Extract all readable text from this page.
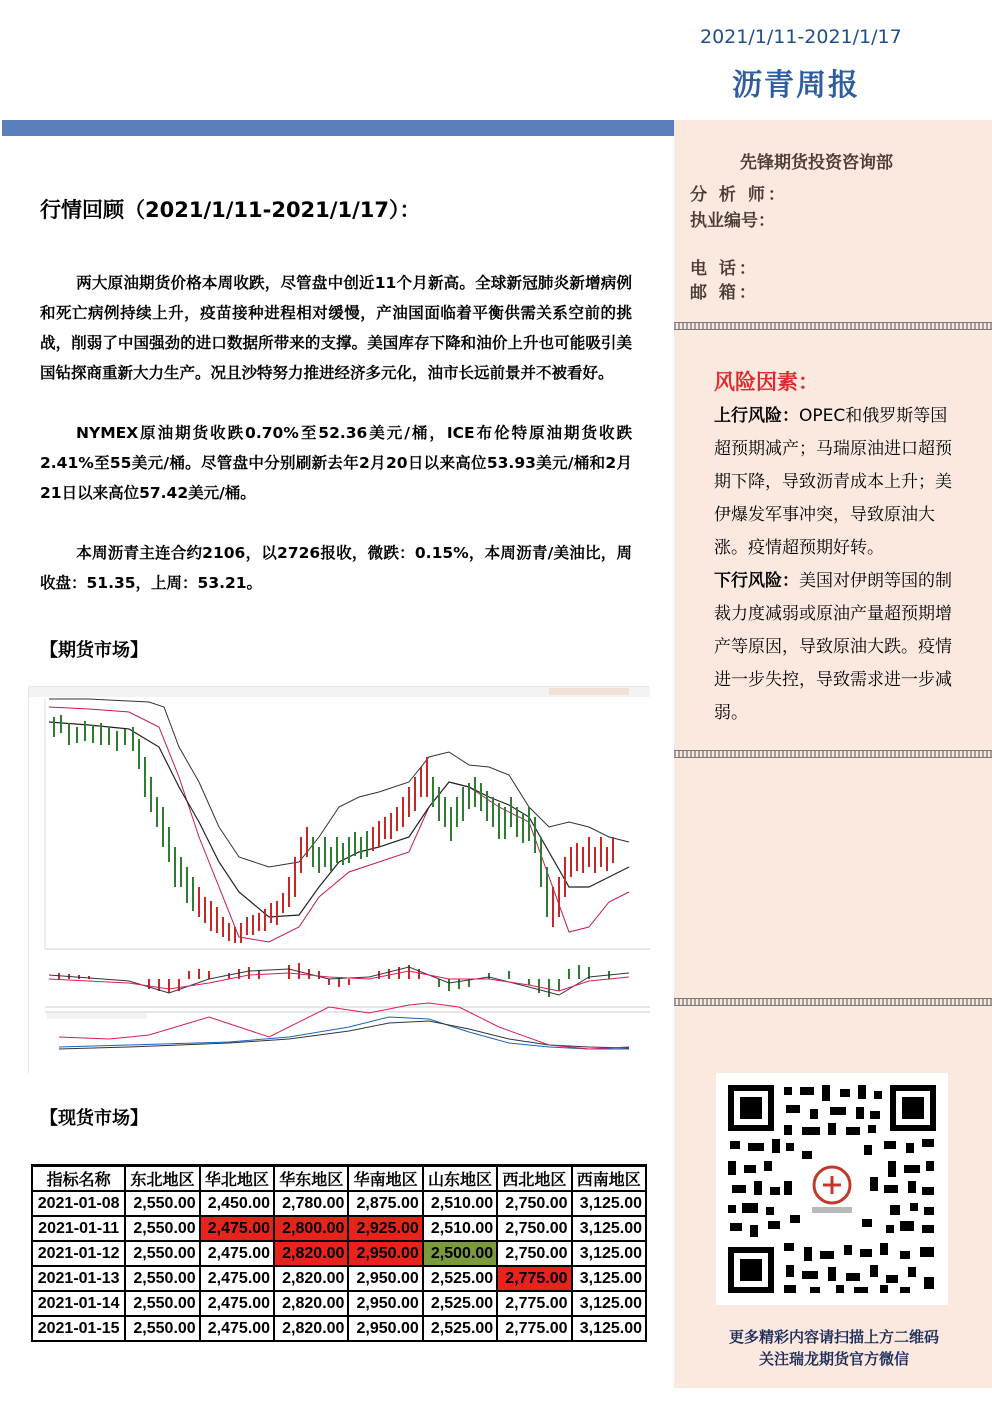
2021/1/11-2021/1/17
沥青周报
先锋期货投资咨询部
分 析 师：
执业编号：
电 话：
邮 箱：
风险因素：
上行风险：OPEC和俄罗斯等国超预期减产；马瑞原油进口超预期下降，导致沥青成本上升；美伊爆发军事冲突，导致原油大涨。疫情超预期好转。
下行风险：美国对伊朗等国的制裁力度减弱或原油产量超预期增产等原因，导致原油大跌。疫情进一步失控，导致需求进一步减弱。
更多精彩内容请扫描上方二维码
关注瑞龙期货官方微信
行情回顾（2021/1/11-2021/1/17）：
两大原油期货价格本周收跌，尽管盘中创近11个月新高。全球新冠肺炎新增病例和死亡病例持续上升，疫苗接种进程相对缓慢，产油国面临着平衡供需关系空前的挑战，削弱了中国强劲的进口数据所带来的支撑。美国库存下降和油价上升也可能吸引美国钻探商重新大力生产。况且沙特努力推进经济多元化，油市长远前景并不被看好。
NYMEX原油期货收跌0.70%至52.36美元/桶，ICE布伦特原油期货收跌2.41%至55美元/桶。尽管盘中分别刷新去年2月20日以来高位53.93美元/桶和2月21日以来高位57.42美元/桶。
本周沥青主连合约2106，以2726报收，微跌：0.15%，本周沥青/美油比，周收盘：51.35，上周：53.21。
【期货市场】
【现货市场】
指标名称	东北地区	华北地区	华东地区	华南地区	山东地区	西北地区	西南地区
2021-01-08	2,550.00	2,450.00	2,780.00	2,875.00	2,510.00	2,750.00	3,125.00
2021-01-11	2,550.00	2,475.00	2,800.00	2,925.00	2,510.00	2,750.00	3,125.00
2021-01-12	2,550.00	2,475.00	2,820.00	2,950.00	2,500.00	2,750.00	3,125.00
2021-01-13	2,550.00	2,475.00	2,820.00	2,950.00	2,525.00	2,775.00	3,125.00
2021-01-14	2,550.00	2,475.00	2,820.00	2,950.00	2,525.00	2,775.00	3,125.00
2021-01-15	2,550.00	2,475.00	2,820.00	2,950.00	2,525.00	2,775.00	3,125.00
